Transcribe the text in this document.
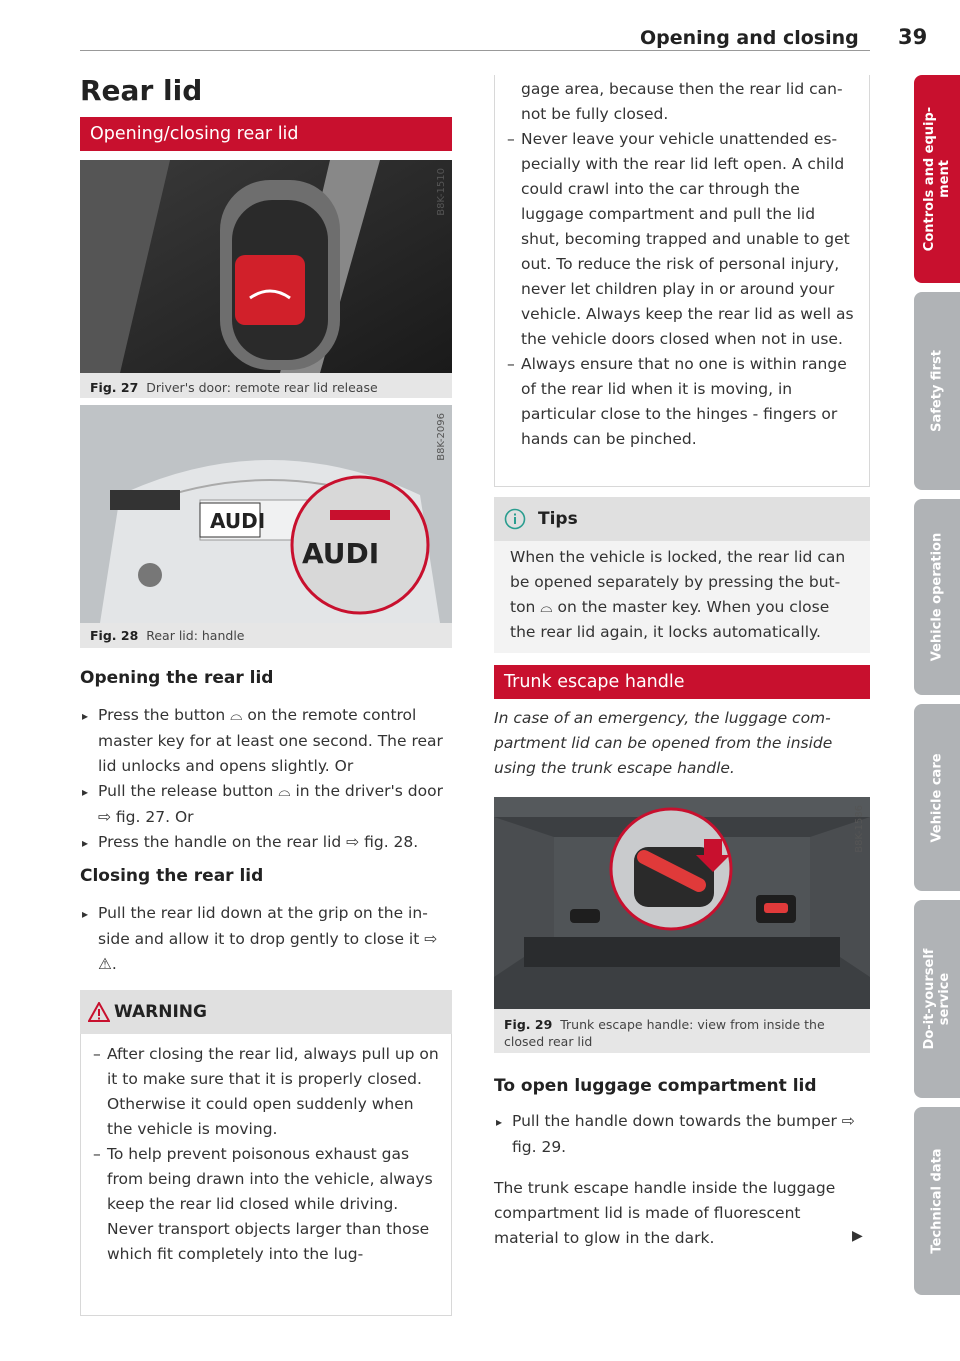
Opening and closing 39
Rear lid
Opening/closing rear lid
B8K-1510
Fig. 27 Driver's door: remote rear lid release
AUDI
AUDI
B8K-2096
Fig. 28 Rear lid: handle
Opening the rear lid

▸ Press the button ⌓ on the remote control master key for at least one second. The rear lid unlocks and opens slightly. Or

▸ Pull the release button ⌓ in the driver's door ⇨ fig. 27. Or

▸ Press the handle on the rear lid ⇨ fig. 28.

Closing the rear lid

▸ Pull the rear lid down at the grip on the inside and allow it to drop gently to close it ⇨ ⚠.

WARNING

– After closing the rear lid, always pull up on it to make sure that it is properly closed. Otherwise it could open suddenly when the vehicle is moving.

– To help prevent poisonous exhaust gas from being drawn into the vehicle, always keep the rear lid closed while driving. Never transport objects larger than those which fit completely into the lug-

gage area, because then the rear lid cannot be fully closed.

– Never leave your vehicle unattended especially with the rear lid left open. A child could crawl into the car through the luggage compartment and pull the lid shut, becoming trapped and unable to get out. To reduce the risk of personal injury, never let children play in or around your vehicle. Always keep the rear lid as well as the vehicle doors closed when not in use.

– Always ensure that no one is within range of the rear lid when it is moving, in particular close to the hinges - fingers or hands can be pinched.

Tips

When the vehicle is locked, the rear lid can be opened separately by pressing the button ⌓ on the master key. When you close the rear lid again, it locks automatically.

Trunk escape handle
In case of an emergency, the luggage compartment lid can be opened from the inside using the trunk escape handle.
B8K-1586
Fig. 29 Trunk escape handle: view from inside the closed rear lid
To open luggage compartment lid

▸ Pull the handle down towards the bumper ⇨ fig. 29.

The trunk escape handle inside the luggage compartment lid is made of fluorescent material to glow in the dark.	▶
Controls and equip-
ment
Safety first
Vehicle operation
Vehicle care
Do-it-yourself
service
Technical data
